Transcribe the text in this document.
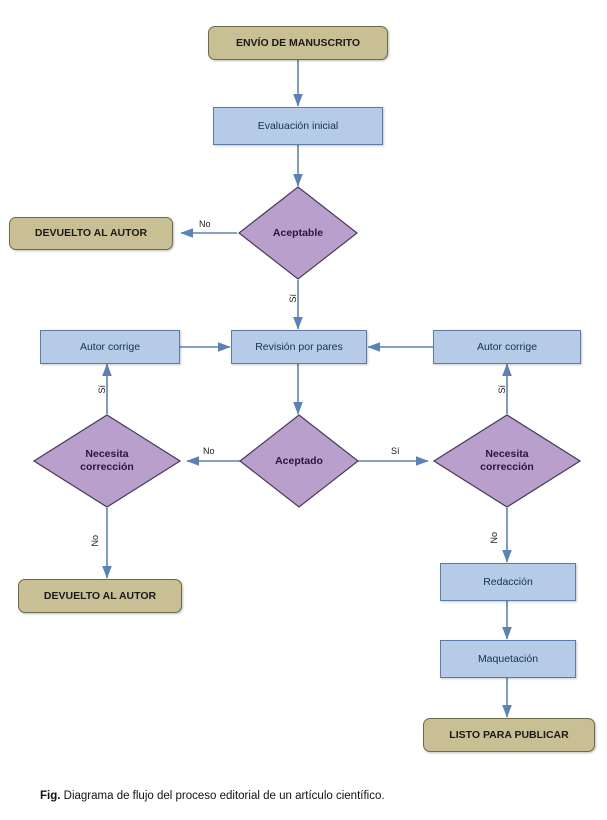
ENVÍO DE MANUSCRITO
Evaluación inicial
Aceptable
DEVUELTO AL AUTOR
Revisión por pares
Autor corrige	Autor corrige
Aceptado
Necesita corrección
Necesita corrección
DEVUELTO AL AUTOR
Redacción
Maquetación
LISTO PARA PUBLICAR
No
Sí
No	Sí
Sí
No
Sí
No
Fig. Diagrama de flujo del proceso editorial de un artículo científico.
